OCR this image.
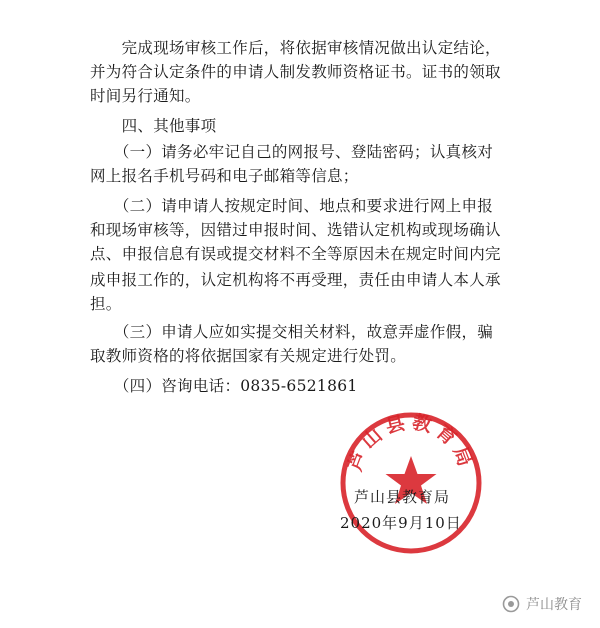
　　完成现场审核工作后，将依据审核情况做出认定结论，
并为符合认定条件的申请人制发教师资格证书。证书的领取
时间另行通知。
　　四、其他事项
　　（一）请务必牢记自己的网报号、登陆密码；认真核对
网上报名手机号码和电子邮箱等信息；
　　（二）请申请人按规定时间、地点和要求进行网上申报
和现场审核等，因错过申报时间、选错认定机构或现场确认
点、申报信息有误或提交材料不全等原因未在规定时间内完
成申报工作的，认定机构将不再受理，责任由申请人本人承
担。
　　（三）申请人应如实提交相关材料，故意弄虚作假，骗
取教师资格的将依据国家有关规定进行处罚。
　　（四）咨询电话：0835-6521861
芦山县教育局
芦山县教育局
2020年9月10日
芦山教育
